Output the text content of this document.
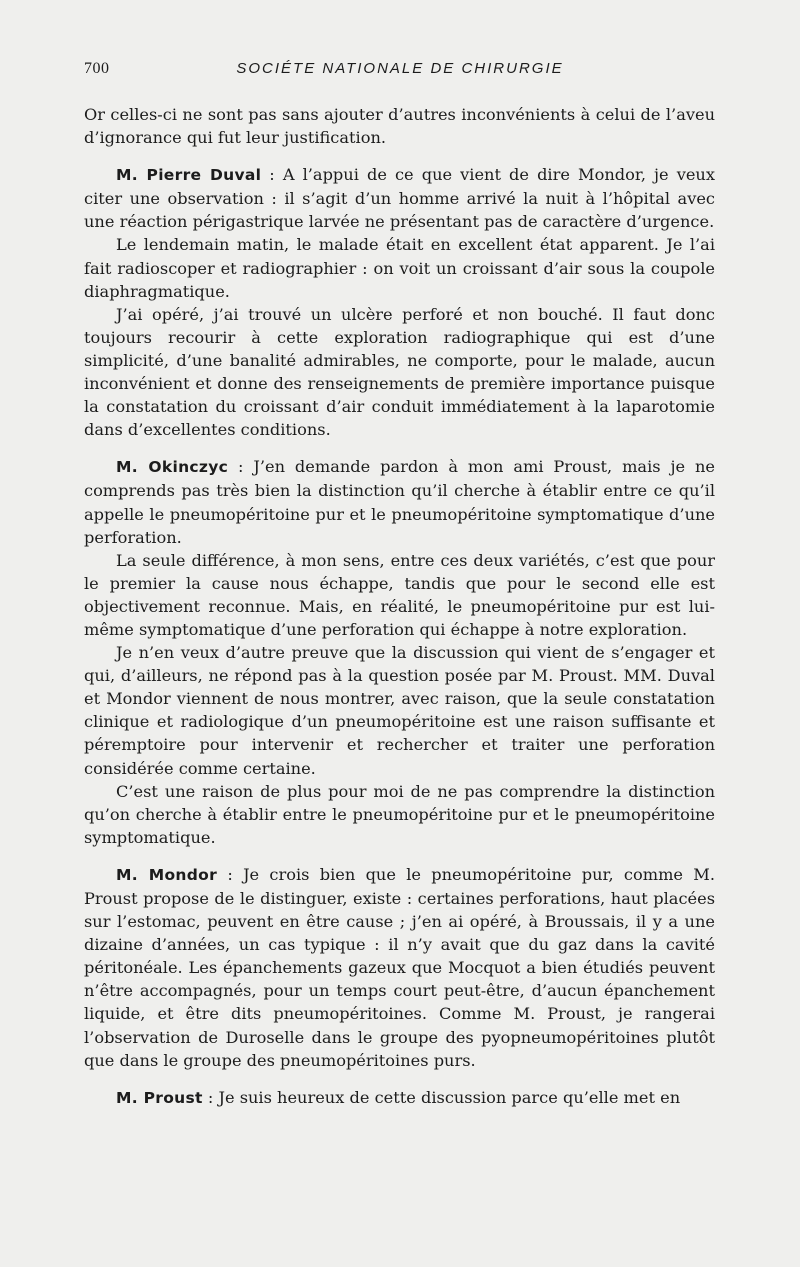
700	SOCIÉTE NATIONALE DE CHIRURGIE

Or celles-ci ne sont pas sans ajouter d’autres inconvénients à celui de l’aveu d’ignorance qui fut leur justification.

M. Pierre Duval : A l’appui de ce que vient de dire Mondor, je veux citer une observation : il s’agit d’un homme arrivé la nuit à l’hôpital avec une réaction périgastrique larvée ne présentant pas de caractère d’urgence.

Le lendemain matin, le malade était en excellent état apparent. Je l’ai fait radioscoper et radiographier : on voit un croissant d’air sous la coupole diaphragmatique.

J’ai opéré, j’ai trouvé un ulcère perforé et non bouché. Il faut donc toujours recourir à cette exploration radiographique qui est d’une simplicité, d’une banalité admirables, ne comporte, pour le malade, aucun inconvénient et donne des renseignements de première importance puisque la constatation du croissant d’air conduit immédiatement à la laparotomie dans d’excellentes conditions.

M. Okinczyc : J’en demande pardon à mon ami Proust, mais je ne comprends pas très bien la distinction qu’il cherche à établir entre ce qu’il appelle le pneumopéritoine pur et le pneumopéritoine symptomatique d’une perforation.

La seule différence, à mon sens, entre ces deux variétés, c’est que pour le premier la cause nous échappe, tandis que pour le second elle est objectivement reconnue. Mais, en réalité, le pneumopéritoine pur est lui-même symptomatique d’une perforation qui échappe à notre exploration.

Je n’en veux d’autre preuve que la discussion qui vient de s’engager et qui, d’ailleurs, ne répond pas à la question posée par M. Proust. MM. Duval et Mondor viennent de nous montrer, avec raison, que la seule constatation clinique et radiologique d’un pneumopéritoine est une raison suffisante et péremptoire pour intervenir et rechercher et traiter une perforation considérée comme certaine.

C’est une raison de plus pour moi de ne pas comprendre la distinction qu’on cherche à établir entre le pneumopéritoine pur et le pneumopéritoine symptomatique.

M. Mondor : Je crois bien que le pneumopéritoine pur, comme M. Proust propose de le distinguer, existe : certaines perforations, haut placées sur l’estomac, peuvent en être cause ; j’en ai opéré, à Broussais, il y a une dizaine d’années, un cas typique : il n’y avait que du gaz dans la cavité péritonéale. Les épanchements gazeux que Mocquot a bien étudiés peuvent n’être accompagnés, pour un temps court peut-être, d’aucun épanchement liquide, et être dits pneumopéritoines. Comme M. Proust, je rangerai l’observation de Duroselle dans le groupe des pyopneumopéritoines plutôt que dans le groupe des pneumopéritoines purs.

M. Proust : Je suis heureux de cette discussion parce qu’elle met en
